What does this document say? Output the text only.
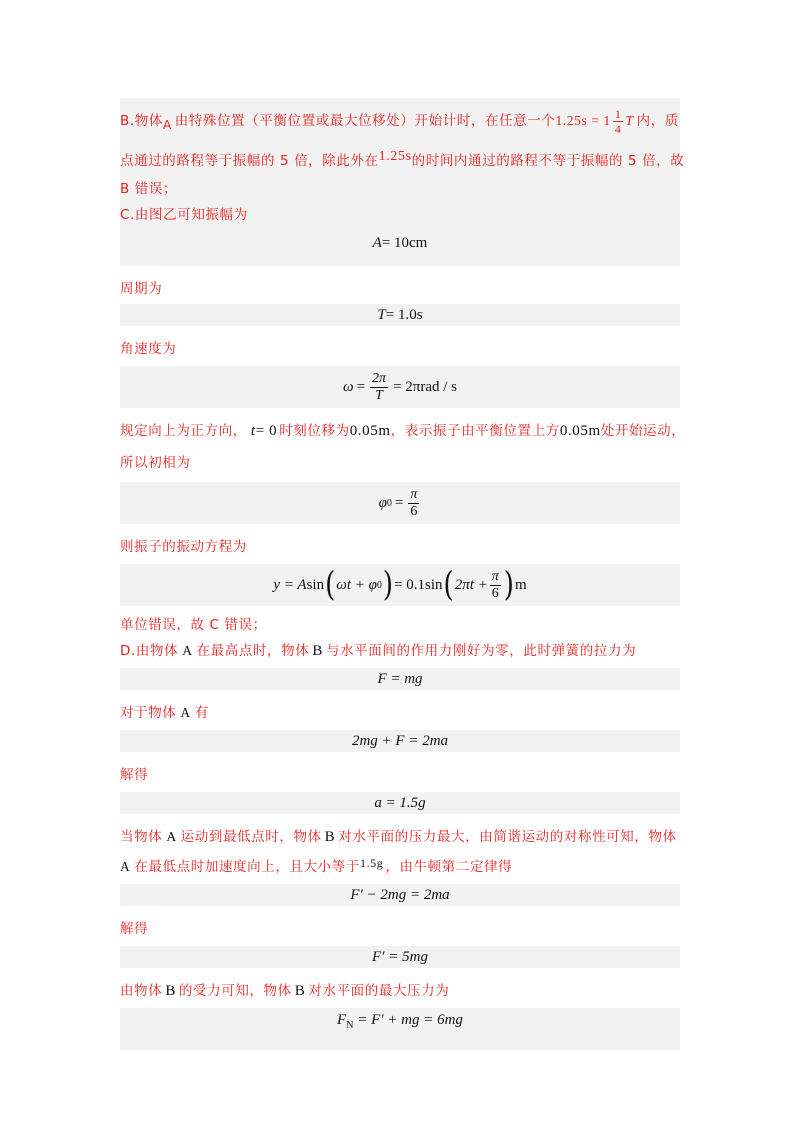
B.物体 A 由特殊位置（平衡位置或最大位移处）开始计时，在任意一个 $1.25s = 1 \frac{1}{4}$ T 内，质
点通过的路程等于振幅的 5 倍，除此外在 1.25s 的时间内通过的路程不等于振幅的 5 倍，故
B 错误；
C.由图乙可知振幅为
A = 10cm
周期为
T = 1.0s
角速度为
$\omega = \frac{2\pi}{T} = 2\pi rad / s$
规定向上为正方向， t = 0 时刻位移为 0.05m ，表示振子由平衡位置上方 0.05m 处开始运动，
所以初相为
φ $0 = \frac{\pi}{6}$
则振子的振动方程为
y = A sin ( ωt + φ 0 ) = 0.1sin ( $2\pi t + \frac{\pi}{6}$ ) m
单位错误，故 C 错误；
D.由物体 A 在最高点时，物体 B 与水平面间的作用力刚好为零，此时弹簧的拉力为
F = mg
对于物体 A 有
2mg + F = 2ma
解得
a = 1.5g
当物体 A 运动到最低点时，物体 B 对水平面的压力最大，由简谐运动的对称性可知，物体
A 在最低点时加速度向上，且大小等于 1.5g ，由牛顿第二定律得
F′ − 2mg = 2ma
解得
F′ = 5mg
由物体 B 的受力可知，物体 B 对水平面的最大压力为
$F_N = F'$ + mg = 6mg
